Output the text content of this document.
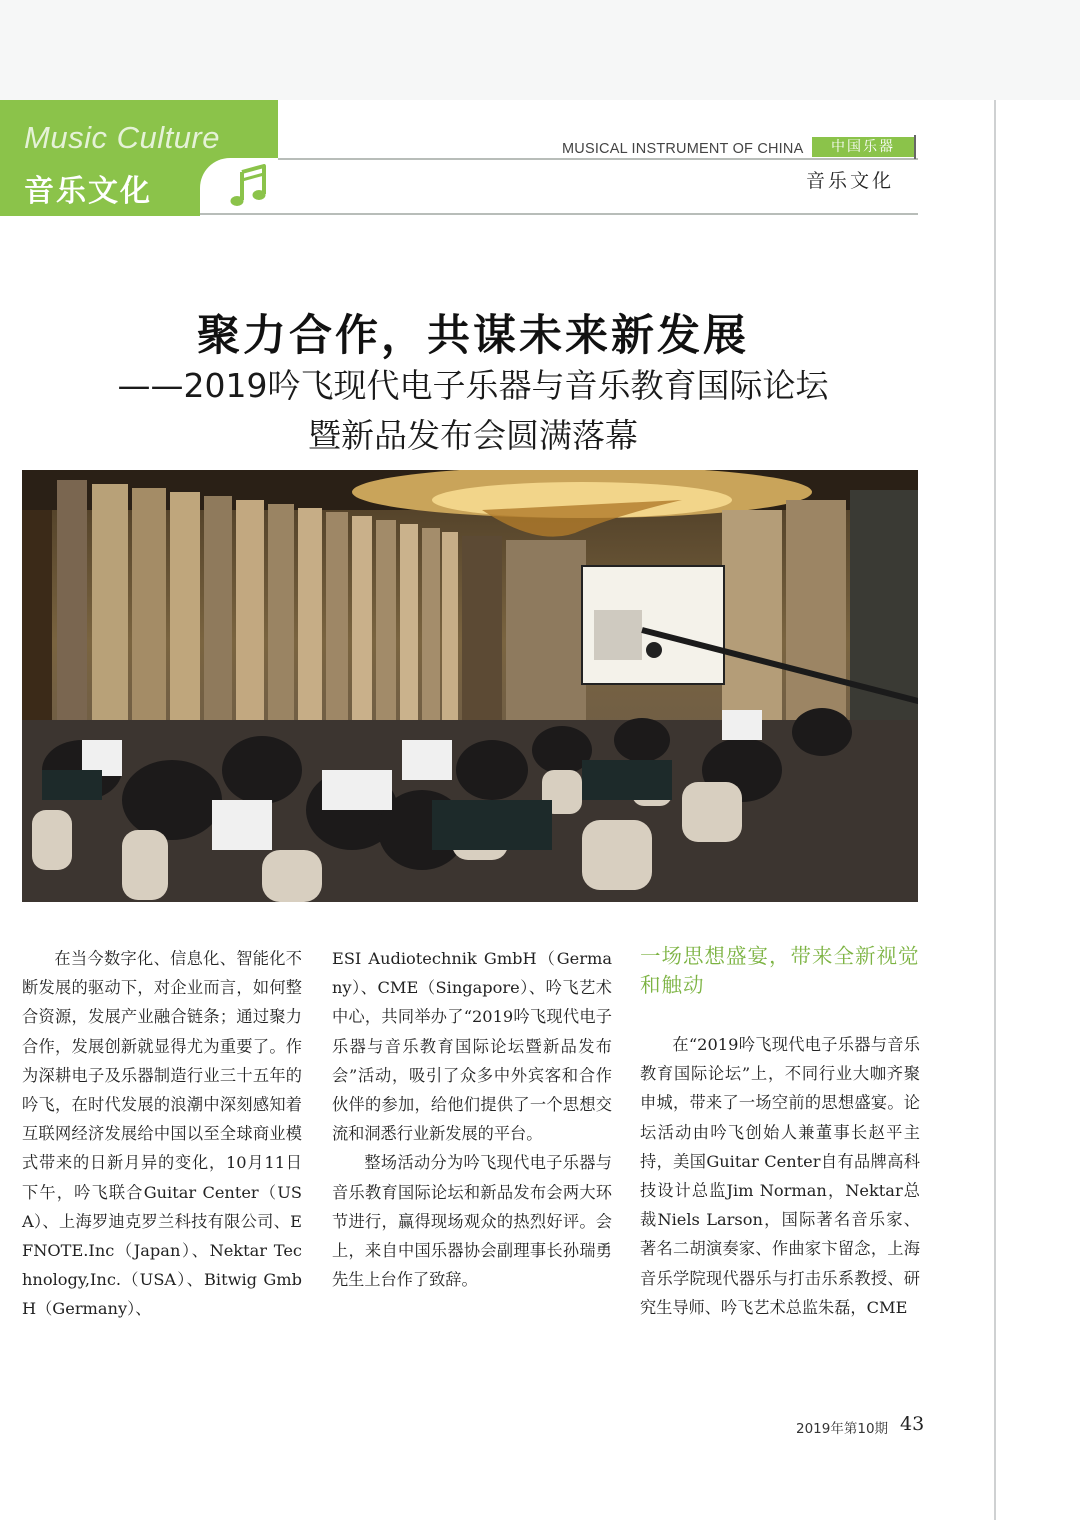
Music Culture
音乐文化
MUSICAL INSTRUMENT OF CHINA	中国乐器
音乐文化
聚力合作，共谋未来新发展
——2019吟飞现代电子乐器与音乐教育国际论坛
暨新品发布会圆满落幕

在当今数字化、信息化、智能化不断发展的驱动下，对企业而言，如何整合资源，发展产业融合链条；通过聚力合作，发展创新就显得尤为重要了。作为深耕电子及乐器制造行业三十五年的吟飞，在时代发展的浪潮中深刻感知着互联网经济发展给中国以至全球商业模式带来的日新月异的变化，10月11日下午，吟飞联合Guitar Center（USA）、上海罗迪克罗兰科技有限公司、EFNOTE.Inc（Japan）、Nektar Technology,Inc.（USA）、Bitwig GmbH（Germany）、

ESI Audiotechnik GmbH（Germany）、CME（Singapore）、吟飞艺术中心，共同举办了“2019吟飞现代电子乐器与音乐教育国际论坛暨新品发布会”活动，吸引了众多中外宾客和合作伙伴的参加，给他们提供了一个思想交流和洞悉行业新发展的平台。

整场活动分为吟飞现代电子乐器与音乐教育国际论坛和新品发布会两大环节进行，赢得现场观众的热烈好评。会上，来自中国乐器协会副理事长孙瑞勇先生上台作了致辞。

一场思想盛宴，带来全新视觉和触动

在“2019吟飞现代电子乐器与音乐教育国际论坛”上，不同行业大咖齐聚申城，带来了一场空前的思想盛宴。论坛活动由吟飞创始人兼董事长赵平主持，美国Guitar Center自有品牌高科技设计总监Jim Norman，Nektar总裁Niels Larson，国际著名音乐家、著名二胡演奏家、作曲家卞留念，上海音乐学院现代器乐与打击乐系教授、研究生导师、吟飞艺术总监朱磊，CME

2019年第10期 43
